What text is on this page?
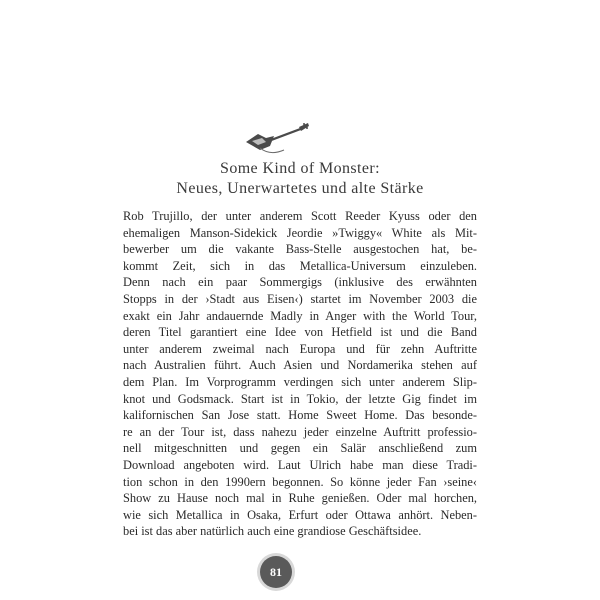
Some Kind of Monster:
Neues, Unerwartetes und alte Stärke
Rob Trujillo, der unter anderem Scott Reeder Kyuss oder den
ehemaligen Manson-Sidekick Jeordie »Twiggy« White als Mit-
bewerber um die vakante Bass-Stelle ausgestochen hat, be-
kommt Zeit, sich in das Metallica-Universum einzuleben.
Denn nach ein paar Sommergigs (inklusive des erwähnten
Stopps in der ›Stadt aus Eisen‹) startet im November 2003 die
exakt ein Jahr andauernde Madly in Anger with the World Tour,
deren Titel garantiert eine Idee von Hetfield ist und die Band
unter anderem zweimal nach Europa und für zehn Auftritte
nach Australien führt. Auch Asien und Nordamerika stehen auf
dem Plan. Im Vorprogramm verdingen sich unter anderem Slip-
knot und Godsmack. Start ist in Tokio, der letzte Gig findet im
kalifornischen San Jose statt. Home Sweet Home. Das besonde-
re an der Tour ist, dass nahezu jeder einzelne Auftritt professio-
nell mitgeschnitten und gegen ein Salär anschließend zum
Download angeboten wird. Laut Ulrich habe man diese Tradi-
tion schon in den 1990ern begonnen. So könne jeder Fan ›seine‹
Show zu Hause noch mal in Ruhe genießen. Oder mal horchen,
wie sich Metallica in Osaka, Erfurt oder Ottawa anhört. Neben-
bei ist das aber natürlich auch eine grandiose Geschäftsidee.
81
